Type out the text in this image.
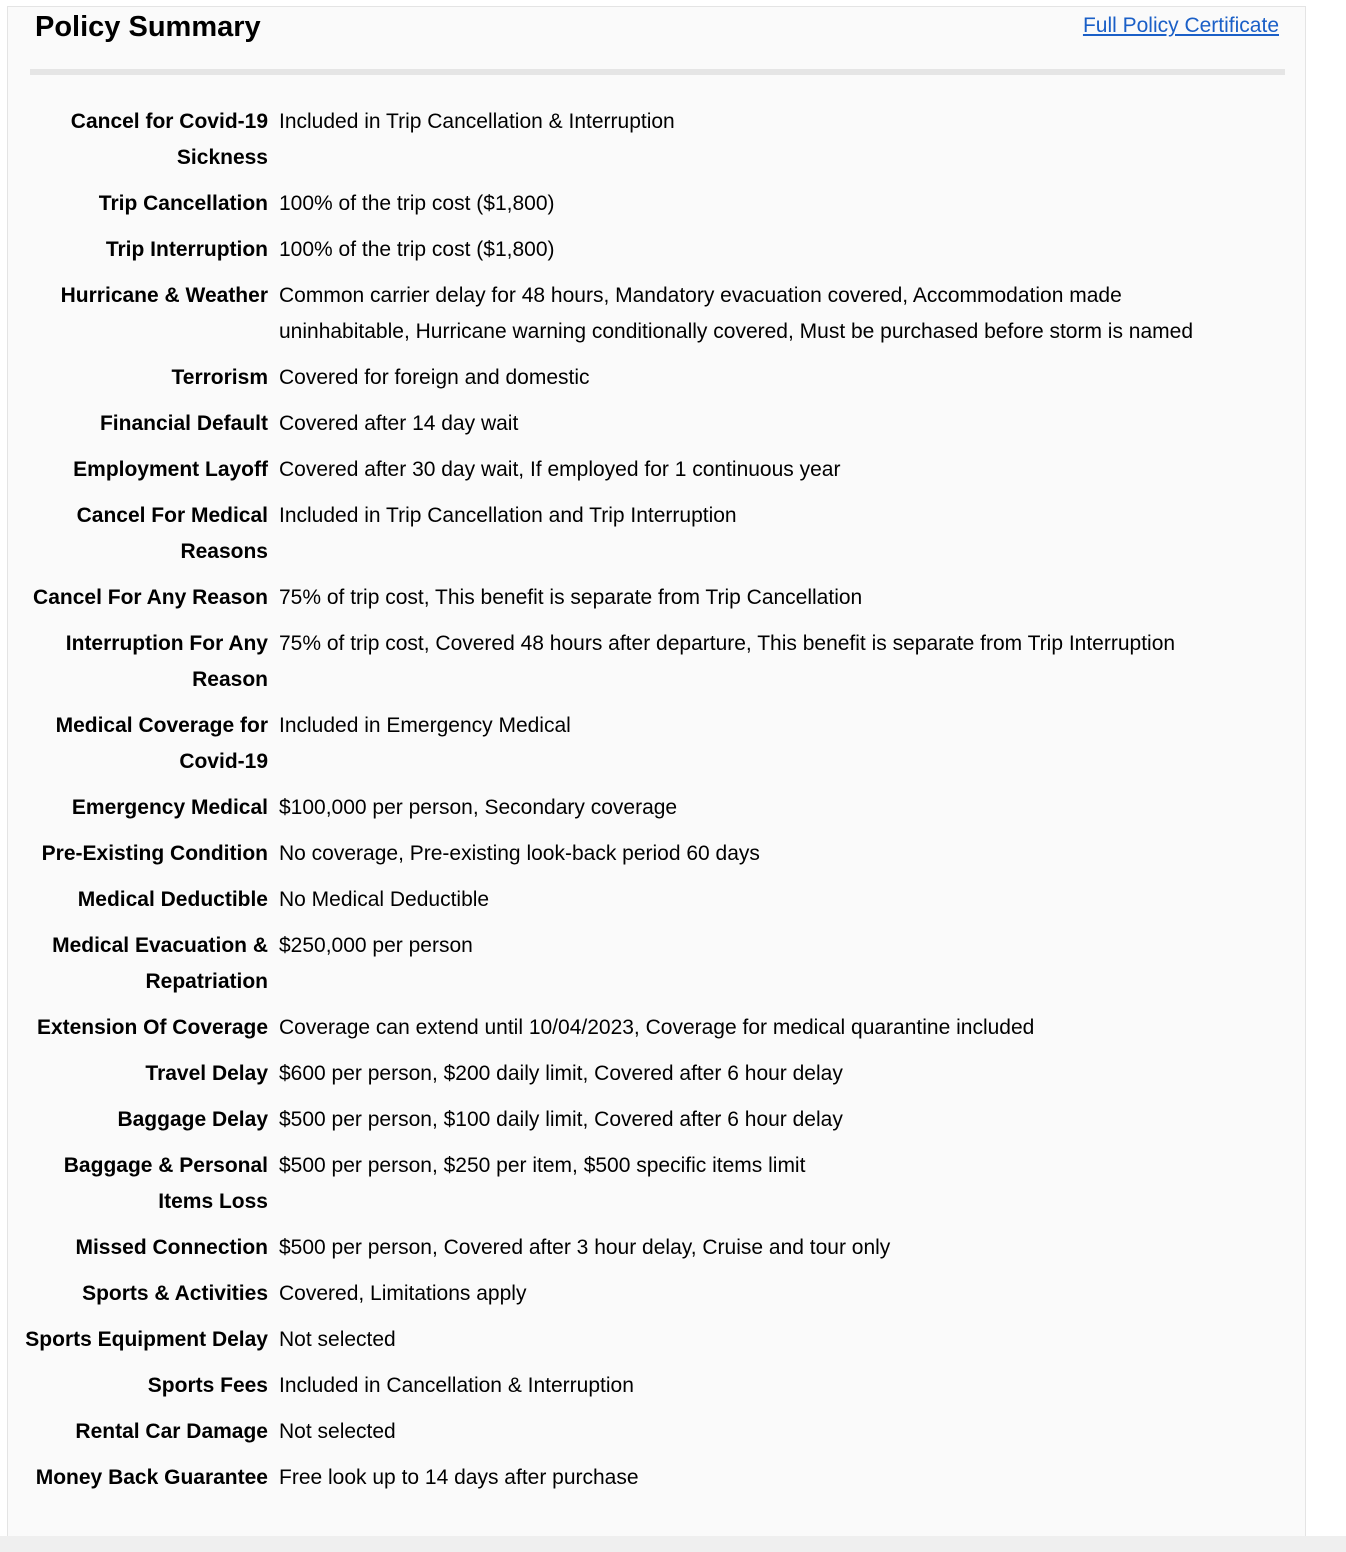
Policy Summary	Full Policy Certificate
Cancel for Covid-19 Sickness
Included in Trip Cancellation & Interruption
Trip Cancellation 100% of the trip cost ($1,800)
Trip Interruption 100% of the trip cost ($1,800)
Hurricane & Weather Common carrier delay for 48 hours, Mandatory evacuation covered, Accommodation made uninhabitable, Hurricane warning conditionally covered, Must be purchased before storm is named
Terrorism Covered for foreign and domestic
Financial Default Covered after 14 day wait
Employment Layoff Covered after 30 day wait, If employed for 1 continuous year
Cancel For Medical Reasons
Included in Trip Cancellation and Trip Interruption
Cancel For Any Reason 75% of trip cost, This benefit is separate from Trip Cancellation
Interruption For Any Reason
75% of trip cost, Covered 48 hours after departure, This benefit is separate from Trip Interruption
Medical Coverage for Covid-19
Included in Emergency Medical
Emergency Medical $100,000 per person, Secondary coverage
Pre-Existing Condition No coverage, Pre-existing look-back period 60 days
Medical Deductible No Medical Deductible
Medical Evacuation & Repatriation
$250,000 per person
Extension Of Coverage Coverage can extend until 10/04/2023, Coverage for medical quarantine included
Travel Delay $600 per person, $200 daily limit, Covered after 6 hour delay
Baggage Delay $500 per person, $100 daily limit, Covered after 6 hour delay
Baggage & Personal Items Loss
$500 per person, $250 per item, $500 specific items limit
Missed Connection $500 per person, Covered after 3 hour delay, Cruise and tour only
Sports & Activities Covered, Limitations apply
Sports Equipment Delay Not selected
Sports Fees Included in Cancellation & Interruption
Rental Car Damage Not selected
Money Back Guarantee Free look up to 14 days after purchase
